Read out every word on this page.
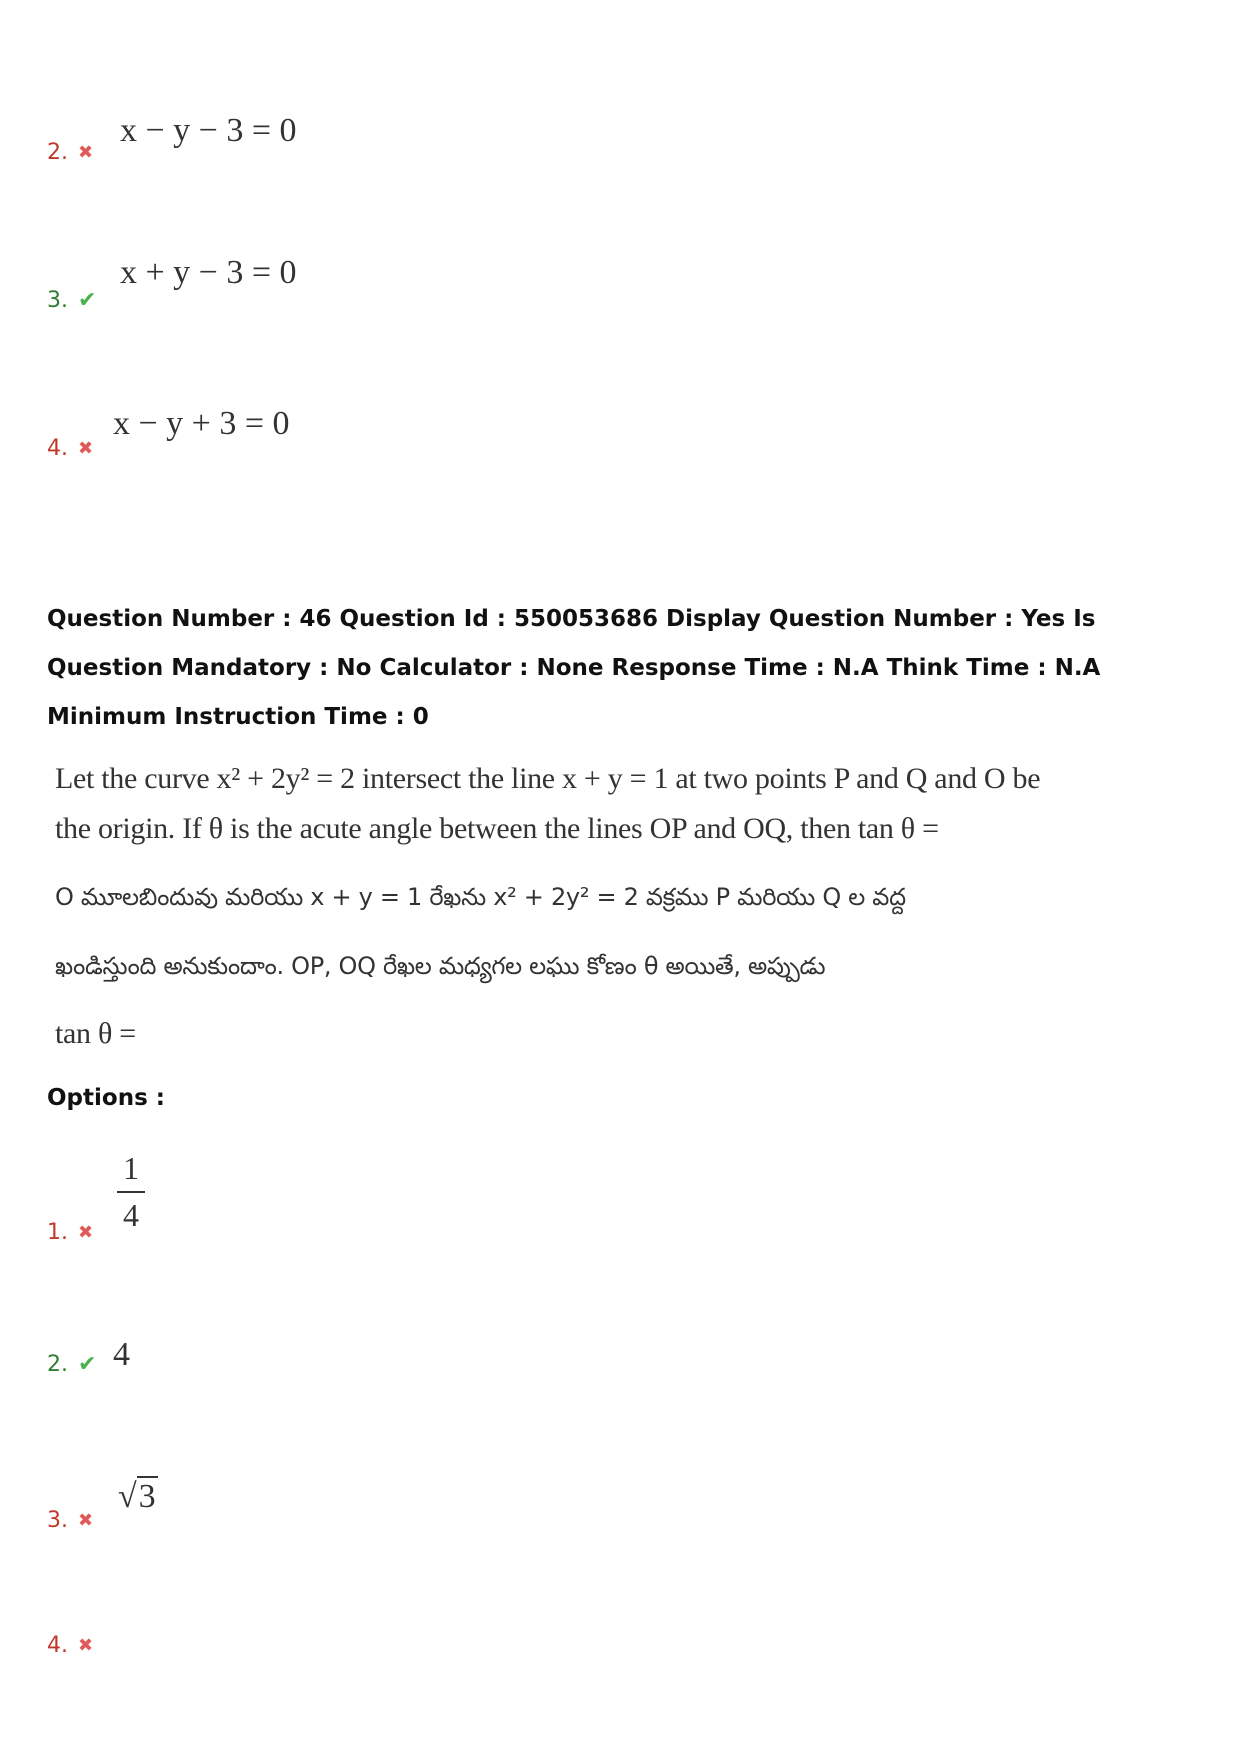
2. ✖
x − y − 3 = 0
3. ✔
x + y − 3 = 0
4. ✖
x − y + 3 = 0
Question Number : 46 Question Id : 550053686 Display Question Number : Yes Is Question Mandatory : No Calculator : None Response Time : N.A Think Time : N.A Minimum Instruction Time : 0
Let the curve x² + 2y² = 2 intersect the line x + y = 1 at two points P and Q and O be
the origin. If θ is the acute angle between the lines OP and OQ, then tan θ =
O మూలబిందువు మరియు x + y = 1 రేఖను x² + 2y² = 2 వక్రము P మరియు Q ల వద్ద
ఖండిస్తుంది అనుకుందాం. OP, OQ రేఖల మధ్యగల లఘు కోణం θ అయితే, అప్పుడు
tan θ =
Options :
1. ✖
1
4
2. ✔ 4
3. ✖
√3
4. ✖
